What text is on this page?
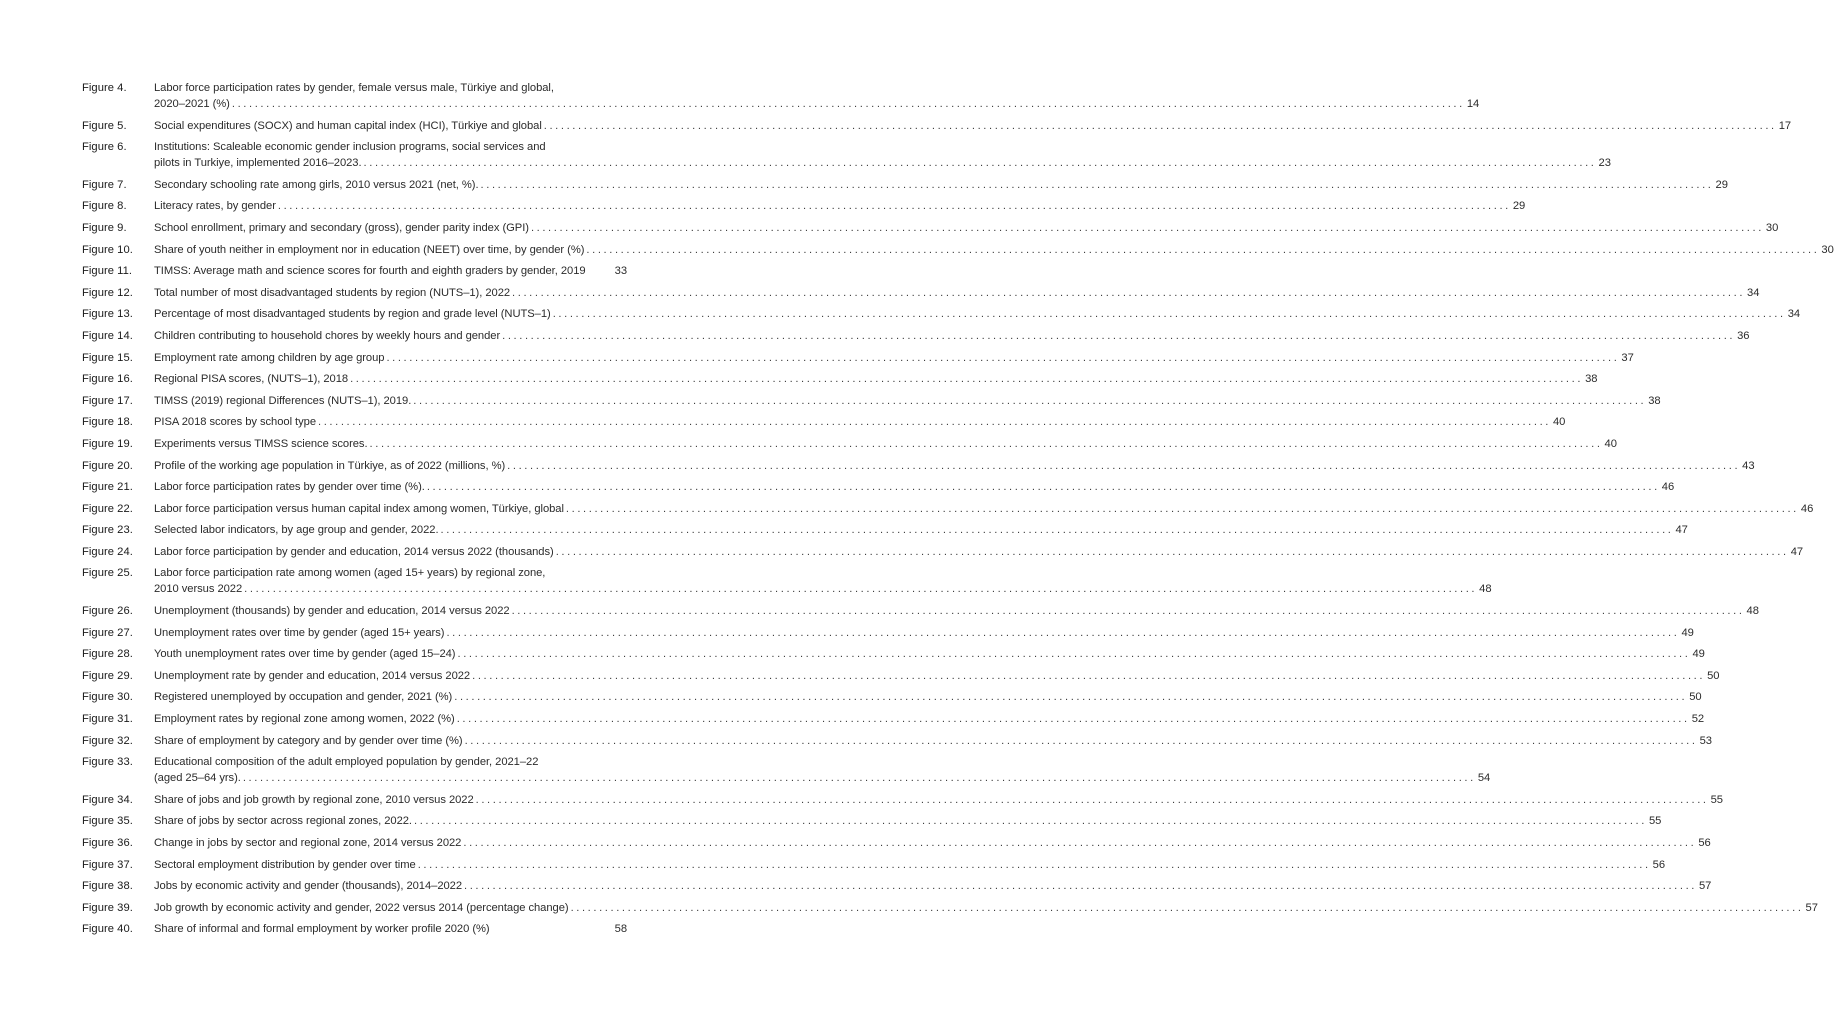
Figure 4.	Labor force participation rates by gender, female versus male, Türkiye and global,
2020–2021 (%) .....	14
Figure 5.	Social expenditures (SOCX) and human capital index (HCI), Türkiye and global .....	17
Figure 6.	Institutions: Scaleable economic gender inclusion programs, social services and
pilots in Turkiye, implemented 2016–2023. .....	23
Figure 7.	Secondary schooling rate among girls, 2010 versus 2021 (net, %). .....	29
Figure 8.	Literacy rates, by gender .....	29
Figure 9.	School enrollment, primary and secondary (gross), gender parity index (GPI) .....	30
Figure 10.	Share of youth neither in employment nor in education (NEET) over time, by gender (%) .....	30
Figure 11.	TIMSS: Average math and science scores for fourth and eighth graders by gender, 2019	33
Figure 12.	Total number of most disadvantaged students by region (NUTS–1), 2022 .....	34
Figure 13.	Percentage of most disadvantaged students by region and grade level (NUTS–1) .....	34
Figure 14.	Children contributing to household chores by weekly hours and gender .....	36
Figure 15.	Employment rate among children by age group .....	37
Figure 16.	Regional PISA scores, (NUTS–1), 2018 .....	38
Figure 17.	TIMSS (2019) regional Differences (NUTS–1), 2019. .....	38
Figure 18.	PISA 2018 scores by school type .....	40
Figure 19.	Experiments versus TIMSS science scores. .....	40
Figure 20.	Profile of the working age population in Türkiye, as of 2022 (millions, %) .....	43
Figure 21.	Labor force participation rates by gender over time (%). .....	46
Figure 22.	Labor force participation versus human capital index among women, Türkiye, global .....	46
Figure 23.	Selected labor indicators, by age group and gender, 2022. .....	47
Figure 24.	Labor force participation by gender and education, 2014 versus 2022 (thousands) .....	47
Figure 25.	Labor force participation rate among women (aged 15+ years) by regional zone,
2010 versus 2022 .....	48
Figure 26.	Unemployment (thousands) by gender and education, 2014 versus 2022 .....	48
Figure 27.	Unemployment rates over time by gender (aged 15+ years) .....	49
Figure 28.	Youth unemployment rates over time by gender (aged 15–24) .....	49
Figure 29.	Unemployment rate by gender and education, 2014 versus 2022 .....	50
Figure 30.	Registered unemployed by occupation and gender, 2021 (%) .....	50
Figure 31.	Employment rates by regional zone among women, 2022 (%) .....	52
Figure 32.	Share of employment by category and by gender over time (%) .....	53
Figure 33.	Educational composition of the adult employed population by gender, 2021–22
(aged 25–64 yrs). .....	54
Figure 34.	Share of jobs and job growth by regional zone, 2010 versus 2022 .....	55
Figure 35.	Share of jobs by sector across regional zones, 2022. .....	55
Figure 36.	Change in jobs by sector and regional zone, 2014 versus 2022 .....	56
Figure 37.	Sectoral employment distribution by gender over time .....	56
Figure 38.	Jobs by economic activity and gender (thousands), 2014–2022 .....	57
Figure 39.	Job growth by economic activity and gender, 2022 versus 2014 (percentage change) .....	57
Figure 40.	Share of informal and formal employment by worker profile 2020 (%)	58
